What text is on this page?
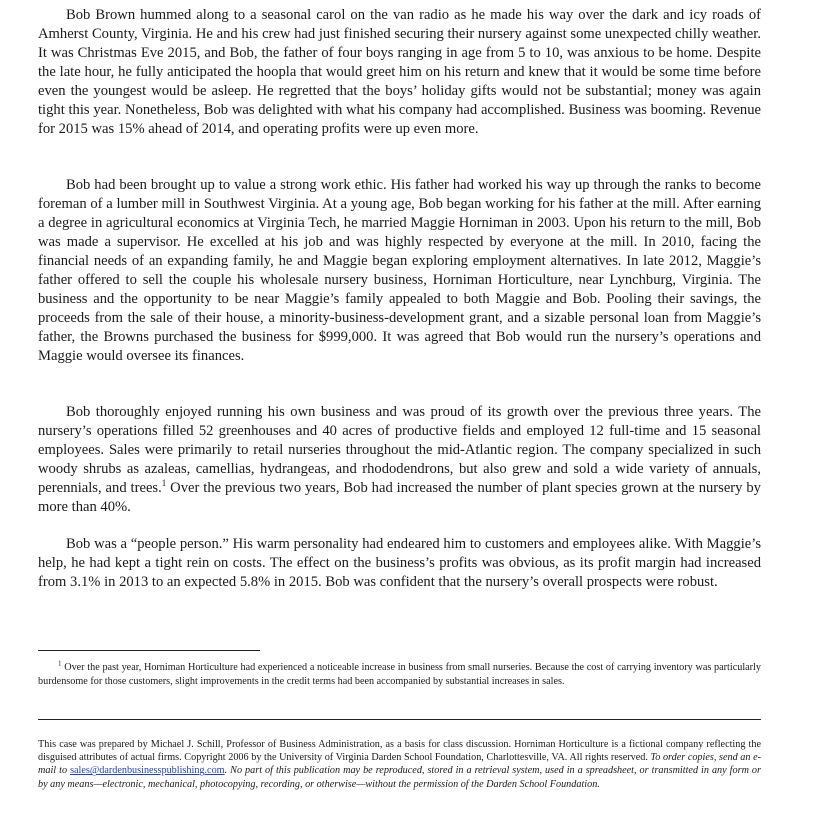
Bob Brown hummed along to a seasonal carol on the van radio as he made his way over the dark and icy roads of Amherst County, Virginia. He and his crew had just finished securing their nursery against some unexpected chilly weather. It was Christmas Eve 2015, and Bob, the father of four boys ranging in age from 5 to 10, was anxious to be home. Despite the late hour, he fully anticipated the hoopla that would greet him on his return and knew that it would be some time before even the youngest would be asleep. He regretted that the boys’ holiday gifts would not be substantial; money was again tight this year. Nonetheless, Bob was delighted with what his company had accomplished. Business was booming. Revenue for 2015 was 15% ahead of 2014, and operating profits were up even more.

Bob had been brought up to value a strong work ethic. His father had worked his way up through the ranks to become foreman of a lumber mill in Southwest Virginia. At a young age, Bob began working for his father at the mill. After earning a degree in agricultural economics at Virginia Tech, he married Maggie Horniman in 2003. Upon his return to the mill, Bob was made a supervisor. He excelled at his job and was highly respected by everyone at the mill. In 2010, facing the financial needs of an expanding family, he and Maggie began exploring employment alternatives. In late 2012, Maggie’s father offered to sell the couple his wholesale nursery business, Horniman Horticulture, near Lynchburg, Virginia. The business and the opportunity to be near Maggie’s family appealed to both Maggie and Bob. Pooling their savings, the proceeds from the sale of their house, a minority-business-development grant, and a sizable personal loan from Maggie’s father, the Browns purchased the business for $999,000. It was agreed that Bob would run the nursery’s operations and Maggie would oversee its finances.

Bob thoroughly enjoyed running his own business and was proud of its growth over the previous three years. The nursery’s operations filled 52 greenhouses and 40 acres of productive fields and employed 12 full-time and 15 seasonal employees. Sales were primarily to retail nurseries throughout the mid-Atlantic region. The company specialized in such woody shrubs as azaleas, camellias, hydrangeas, and rhododendrons, but also grew and sold a wide variety of annuals, perennials, and trees.$^1$ Over the previous two years, Bob had increased the number of plant species grown at the nursery by more than 40%.

Bob was a “people person.” His warm personality had endeared him to customers and employees alike. With Maggie’s help, he had kept a tight rein on costs. The effect on the business’s profits was obvious, as its profit margin had increased from 3.1% in 2013 to an expected 5.8% in 2015. Bob was confident that the nursery’s overall prospects were robust.

$^1$ Over the past year, Horniman Horticulture had experienced a noticeable increase in business from small nurseries. Because the cost of carrying inventory was particularly burdensome for those customers, slight improvements in the credit terms had been accompanied by substantial increases in sales.

This case was prepared by Michael J. Schill, Professor of Business Administration, as a basis for class discussion. Horniman Horticulture is a fictional company reflecting the disguised attributes of actual firms. Copyright 2006 by the University of Virginia Darden School Foundation, Charlottesville, VA. All rights reserved. To order copies, send an e-mail to sales@dardenbusinesspublishing.com. No part of this publication may be reproduced, stored in a retrieval system, used in a spreadsheet, or transmitted in any form or by any means—electronic, mechanical, photocopying, recording, or otherwise—without the permission of the Darden School Foundation.
